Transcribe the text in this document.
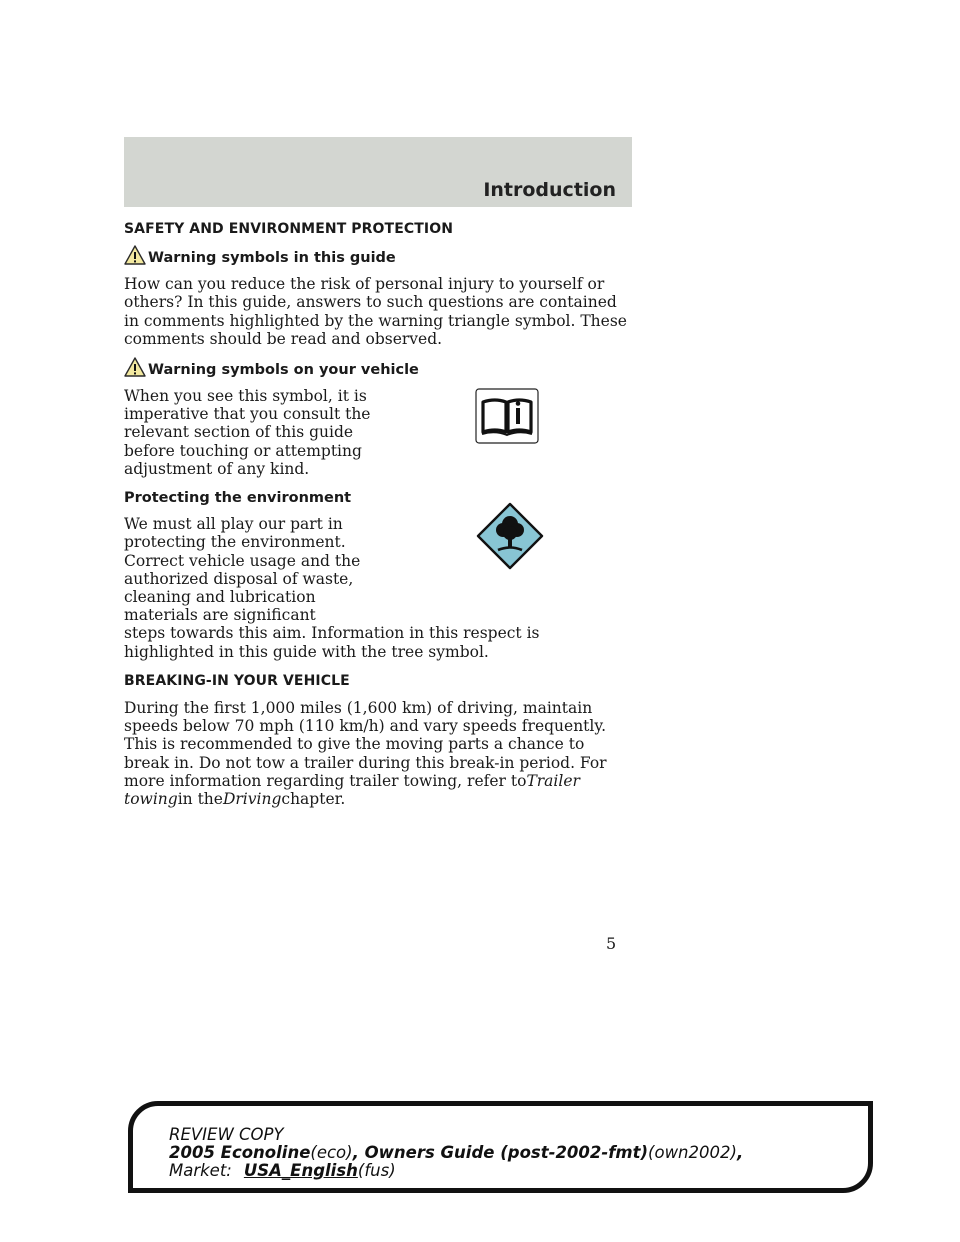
Introduction
SAFETY AND ENVIRONMENT PROTECTION
Warning symbols in this guide

How can you reduce the risk of personal injury to yourself or others? In this guide, answers to such questions are contained in comments highlighted by the warning triangle symbol. These comments should be read and observed.

Warning symbols on your vehicle

When you see this symbol, it is imperative that you consult the relevant section of this guide before touching or attempting adjustment of any kind.

Protecting the environment

We must all play our part in protecting the environment. Correct vehicle usage and the authorized disposal of waste, cleaning and lubrication materials are significant

steps towards this aim. Information in this respect is highlighted in this guide with the tree symbol.

BREAKING-IN YOUR VEHICLE

During the first 1,000 miles (1,600 km) of driving, maintain speeds below 70 mph (110 km/h) and vary speeds frequently. This is recommended to give the moving parts a chance to break in. Do not tow a trailer during this break-in period. For more information regarding trailer towing, refer toTrailer towingin theDrivingchapter.

5
REVIEW COPY
2005 Econoline(eco), Owners Guide (post-2002-fmt)(own2002),
Market: USA_English(fus)
